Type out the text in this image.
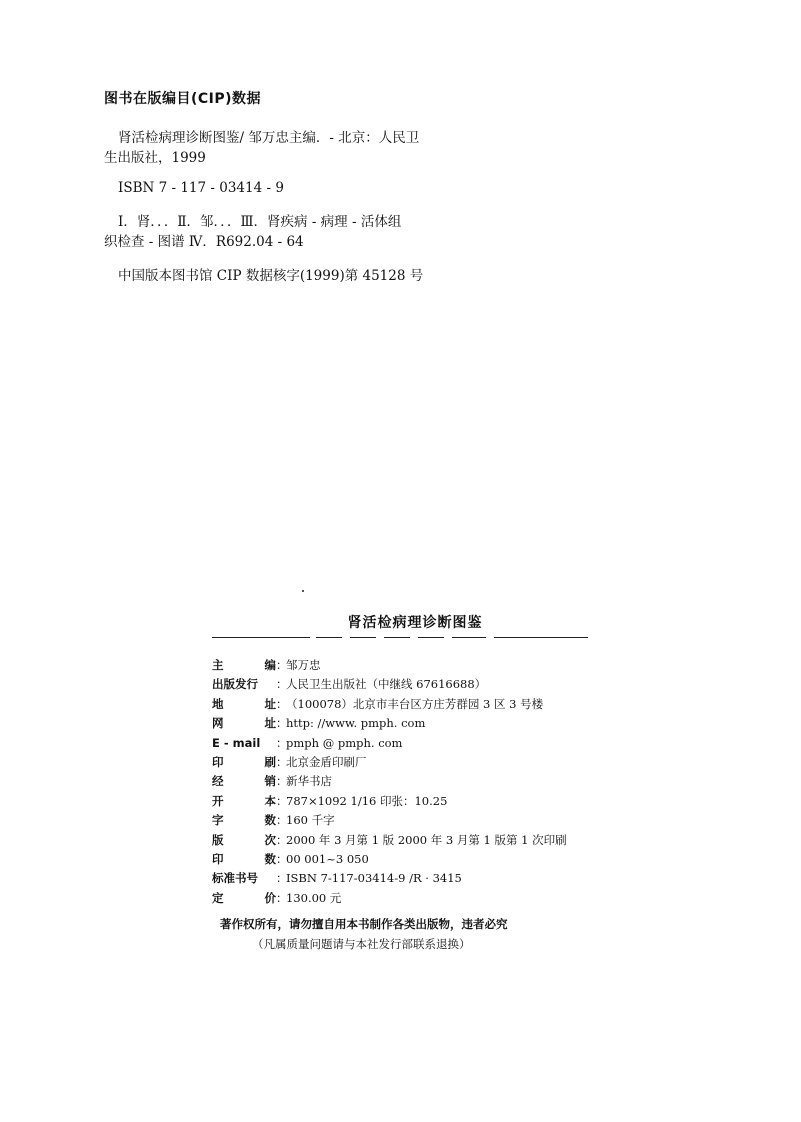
图书在版编目(CIP)数据

肾活检病理诊断图鉴/ 邹万忠主编．- 北京：人民卫

生出版社，1999

ISBN 7 - 117 - 03414 - 9

Ⅰ．肾．．．Ⅱ．邹．．．Ⅲ．肾疾病 - 病理 - 活体组

织检查 - 图谱 Ⅳ．R692.04 - 64

中国版本图书馆 CIP 数据核字(1999)第 45128 号

肾活检病理诊断图鉴
主	编 ：
邹万忠
出版发行 ：
人民卫生出版社（中继线 67616688）
地	址 ：
（100078）北京市丰台区方庄芳群园 3 区 3 号楼
网	址 ：
http: //www. pmph. com
E - mail ：
pmph @ pmph. com
印	刷 ：
北京金盾印刷厂
经	销 ：
新华书店
开	本 ：
787×1092 1/16 印张：10.25
字	数 ：
160 千字
版	次 ：
2000 年 3 月第 1 版 2000 年 3 月第 1 版第 1 次印刷
印	数 ：
00 001~3 050
标准书号 ：
ISBN 7-117-03414-9 /R · 3415
定	价 ：
130.00 元
著作权所有，请勿擅自用本书制作各类出版物，违者必究
（凡属质量问题请与本社发行部联系退换）
